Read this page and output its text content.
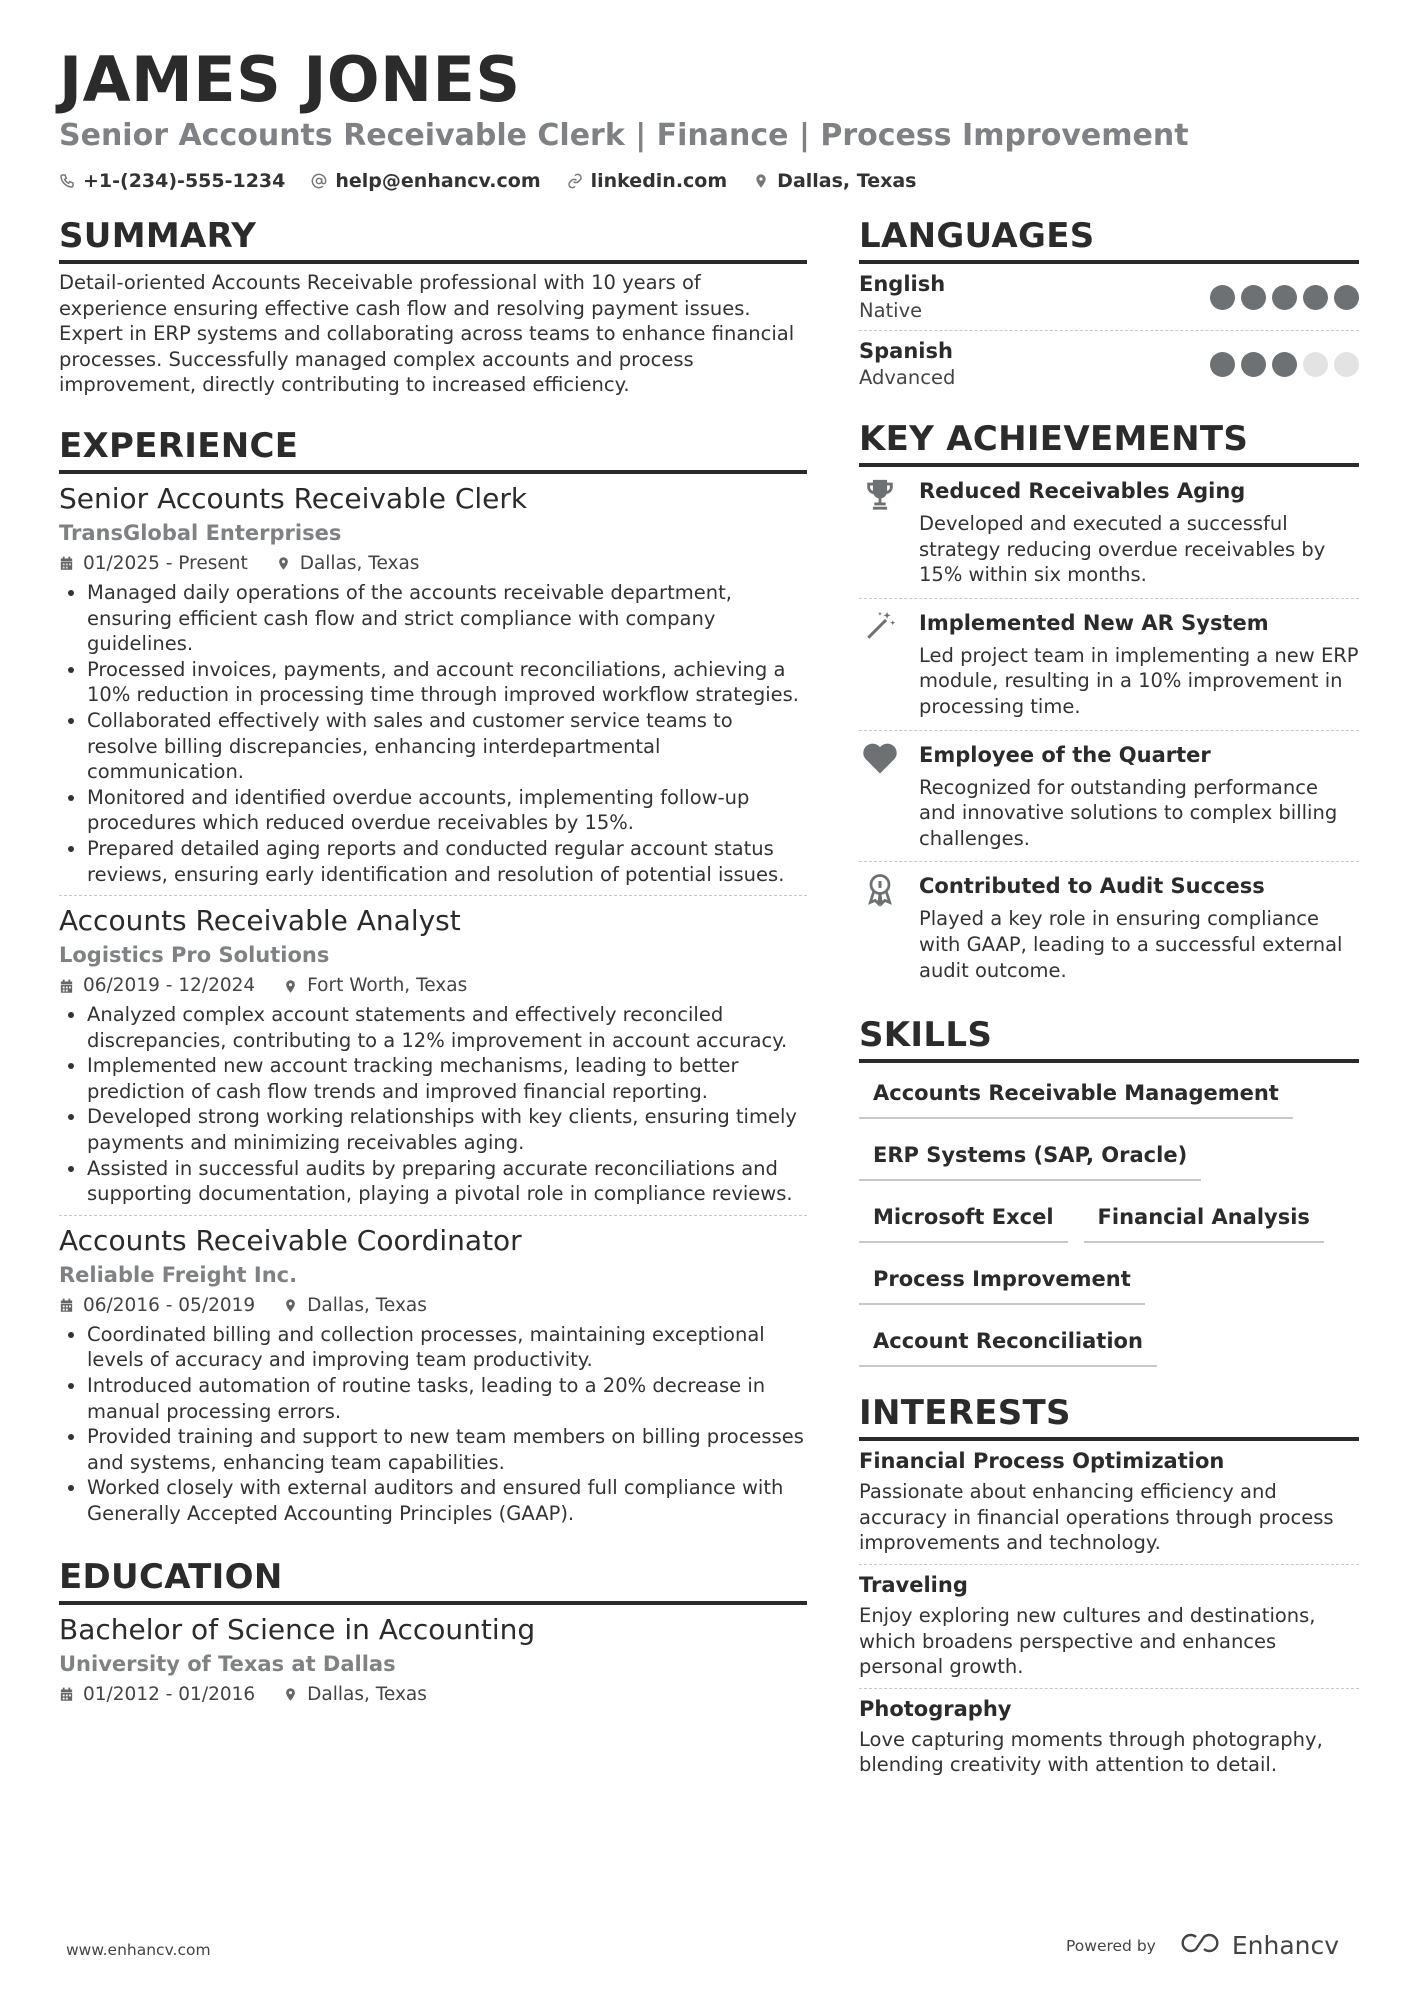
JAMES JONES
Senior Accounts Receivable Clerk | Finance | Process Improvement
+1-(234)-555-1234	help@enhancv.com	linkedin.com	Dallas, Texas
SUMMARY

Detail-oriented Accounts Receivable professional with 10 years of experience ensuring effective cash flow and resolving payment issues. Expert in ERP systems and collaborating across teams to enhance financial processes. Successfully managed complex accounts and process improvement, directly contributing to increased efficiency.

EXPERIENCE
Senior Accounts Receivable Clerk
TransGlobal Enterprises
01/2025 - Present	Dallas, Texas
• Managed daily operations of the accounts receivable department, ensuring efficient cash flow and strict compliance with company guidelines.
• Processed invoices, payments, and account reconciliations, achieving a 10% reduction in processing time through improved workflow strategies.
• Collaborated effectively with sales and customer service teams to resolve billing discrepancies, enhancing interdepartmental communication.
• Monitored and identified overdue accounts, implementing follow-up procedures which reduced overdue receivables by 15%.
• Prepared detailed aging reports and conducted regular account status reviews, ensuring early identification and resolution of potential issues.
Accounts Receivable Analyst
Logistics Pro Solutions
06/2019 - 12/2024	Fort Worth, Texas
• Analyzed complex account statements and effectively reconciled discrepancies, contributing to a 12% improvement in account accuracy.
• Implemented new account tracking mechanisms, leading to better prediction of cash flow trends and improved financial reporting.
• Developed strong working relationships with key clients, ensuring timely payments and minimizing receivables aging.
• Assisted in successful audits by preparing accurate reconciliations and supporting documentation, playing a pivotal role in compliance reviews.
Accounts Receivable Coordinator
Reliable Freight Inc.
06/2016 - 05/2019	Dallas, Texas
• Coordinated billing and collection processes, maintaining exceptional levels of accuracy and improving team productivity.
• Introduced automation of routine tasks, leading to a 20% decrease in manual processing errors.
• Provided training and support to new team members on billing processes and systems, enhancing team capabilities.
• Worked closely with external auditors and ensured full compliance with Generally Accepted Accounting Principles (GAAP).
EDUCATION
Bachelor of Science in Accounting
University of Texas at Dallas
01/2012 - 01/2016	Dallas, Texas
LANGUAGES
English
Native
Spanish
Advanced
KEY ACHIEVEMENTS
Reduced Receivables Aging
Developed and executed a successful strategy reducing overdue receivables by 15% within six months.
Implemented New AR System
Led project team in implementing a new ERP module, resulting in a 10% improvement in processing time.
Employee of the Quarter
Recognized for outstanding performance and innovative solutions to complex billing challenges.
Contributed to Audit Success
Played a key role in ensuring compliance with GAAP, leading to a successful external audit outcome.
SKILLS
Accounts Receivable Management
ERP Systems (SAP, Oracle)
Microsoft Excel	Financial Analysis
Process Improvement
Account Reconciliation
INTERESTS
Financial Process Optimization
Passionate about enhancing efficiency and accuracy in financial operations through process improvements and technology.
Traveling
Enjoy exploring new cultures and destinations, which broadens perspective and enhances personal growth.
Photography
Love capturing moments through photography, blending creativity with attention to detail.
www.enhancv.com	Powered by	Enhancv
